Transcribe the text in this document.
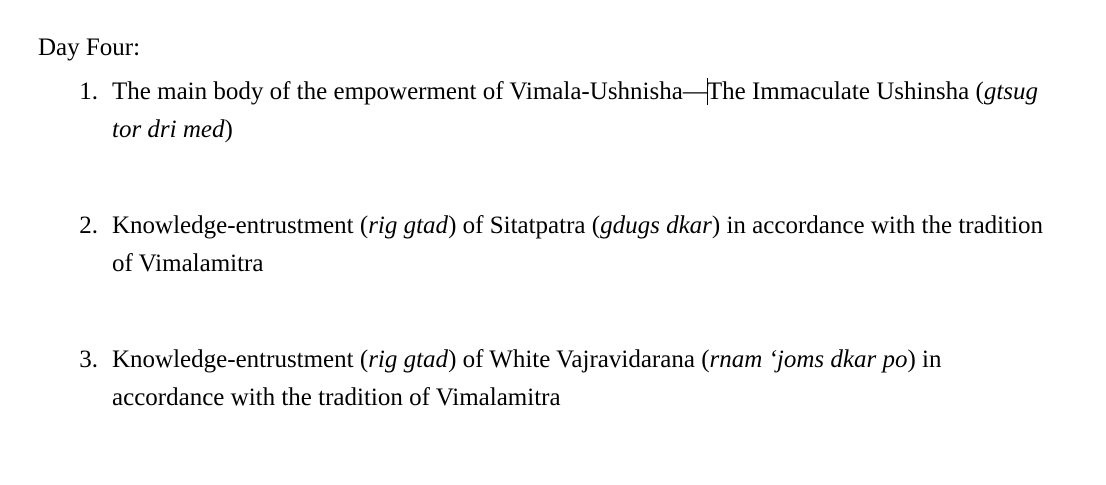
Day Four:

1. The main body of the empowerment of Vimala-Ushnisha—The Immaculate Ushinsha (gtsug tor dri med)
2. Knowledge-entrustment (rig gtad) of Sitatpatra (gdugs dkar) in accordance with the tradition of Vimalamitra
3. Knowledge-entrustment (rig gtad) of White Vajravidarana (rnam ʻjoms dkar po) in accordance with the tradition of Vimalamitra
